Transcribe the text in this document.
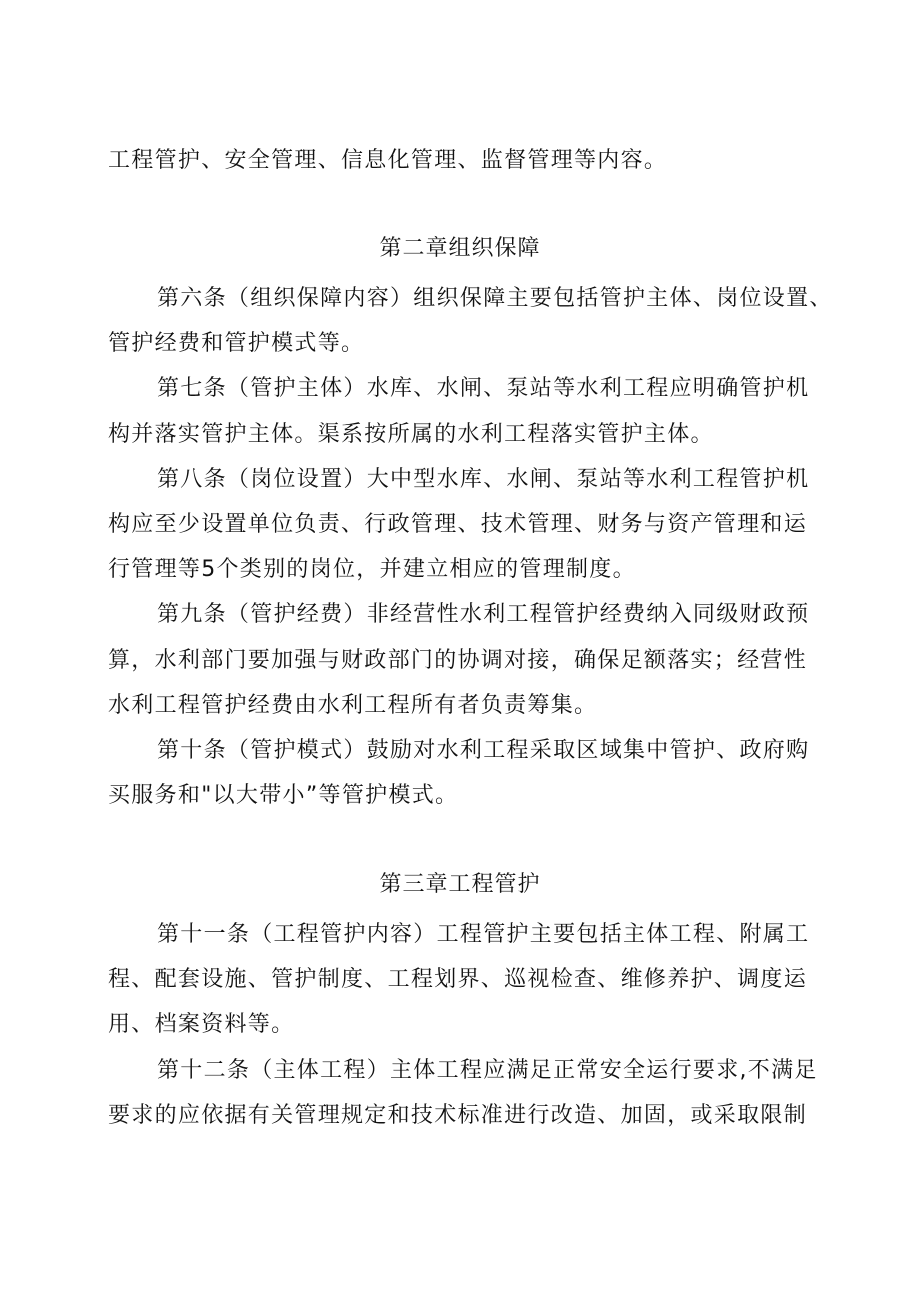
工程管护、安全管理、信息化管理、监督管理等内容。
第二章组织保障
第六条（组织保障内容）组织保障主要包括管护主体、岗位设置、
管护经费和管护模式等。
第七条（管护主体）水库、水闸、泵站等水利工程应明确管护机
构并落实管护主体。渠系按所属的水利工程落实管护主体。
第八条（岗位设置）大中型水库、水闸、泵站等水利工程管护机
构应至少设置单位负责、行政管理、技术管理、财务与资产管理和运
行管理等5个类别的岗位，并建立相应的管理制度。
第九条（管护经费）非经营性水利工程管护经费纳入同级财政预
算，水利部门要加强与财政部门的协调对接，确保足额落实；经营性
水利工程管护经费由水利工程所有者负责筹集。
第十条（管护模式）鼓励对水利工程采取区域集中管护、政府购
买服务和"以大带小”等管护模式。
第三章工程管护
第十一条（工程管护内容）工程管护主要包括主体工程、附属工
程、配套设施、管护制度、工程划界、巡视检查、维修养护、调度运
用、档案资料等。
第十二条（主体工程）主体工程应满足正常安全运行要求,不满足
要求的应依据有关管理规定和技术标准进行改造、加固，或采取限制
